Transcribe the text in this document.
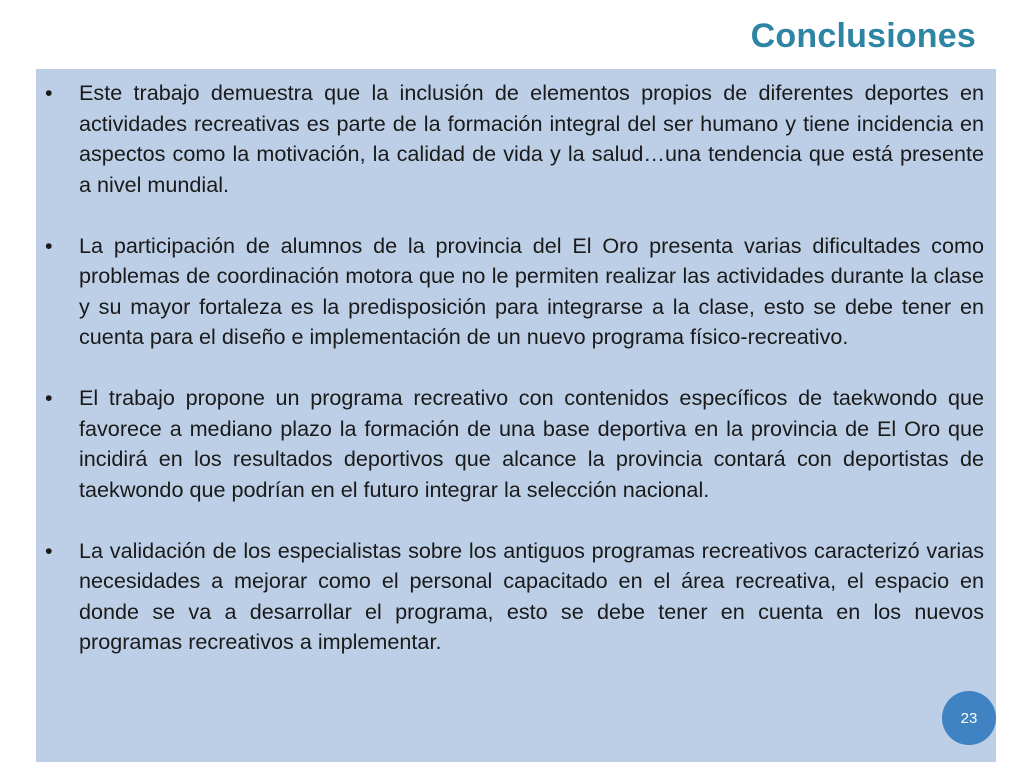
Conclusiones
• Este trabajo demuestra que la inclusión de elementos propios de diferentes deportes en actividades recreativas es parte de la formación integral del ser humano y tiene incidencia en aspectos como la motivación, la calidad de vida y la salud…una tendencia que está presente a nivel mundial.
• La participación de alumnos de la provincia del El Oro presenta varias dificultades como problemas de coordinación motora que no le permiten realizar las actividades durante la clase y su mayor fortaleza es la predisposición para integrarse a la clase, esto se debe tener en cuenta para el diseño e implementación de un nuevo programa físico-recreativo.
• El trabajo propone un programa recreativo con contenidos específicos de taekwondo que favorece a mediano plazo la formación de una base deportiva en la provincia de El Oro que incidirá en los resultados deportivos que alcance la provincia contará con deportistas de taekwondo que podrían en el futuro integrar la selección nacional.
• La validación de los especialistas sobre los antiguos programas recreativos caracterizó varias necesidades a mejorar como el personal capacitado en el área recreativa, el espacio en donde se va a desarrollar el programa, esto se debe tener en cuenta en los nuevos programas recreativos a implementar.
23
